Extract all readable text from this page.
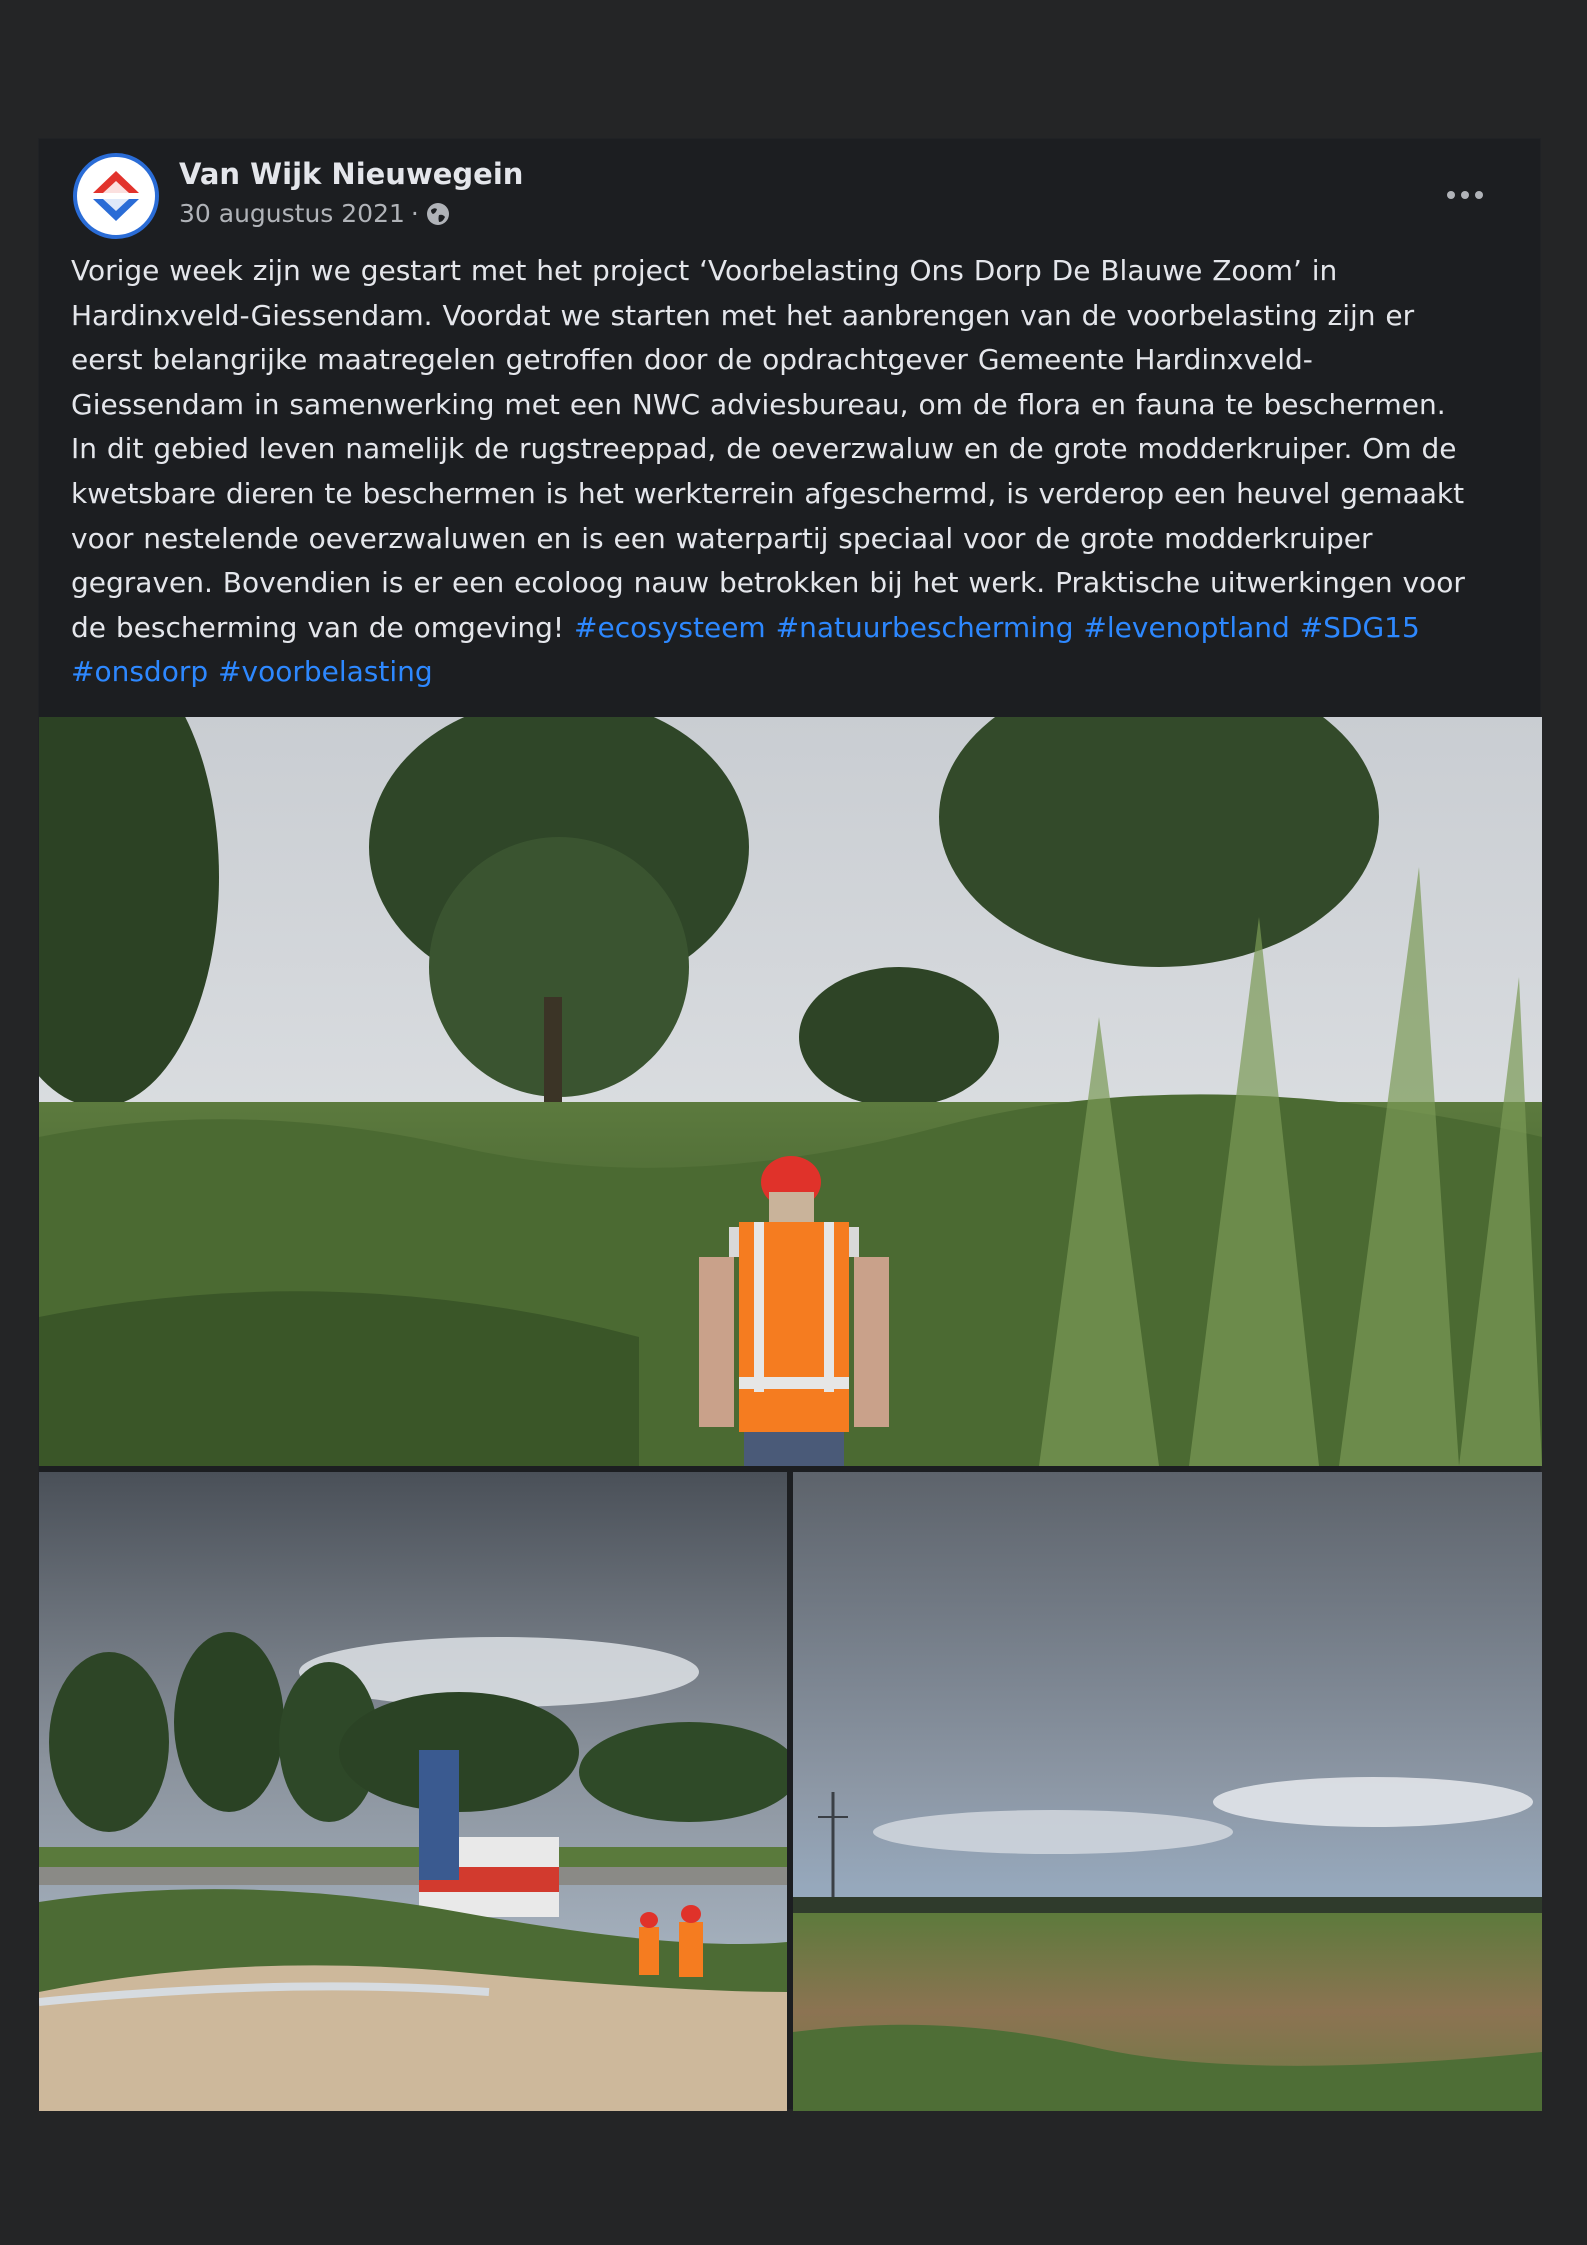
Van Wijk Nieuwegein
30 augustus 2021 ·
Vorige week zijn we gestart met het project ‘Voorbelasting Ons Dorp De Blauwe Zoom’ in
Hardinxveld-Giessendam. Voordat we starten met het aanbrengen van de voorbelasting zijn er
eerst belangrijke maatregelen getroffen door de opdrachtgever Gemeente Hardinxveld-
Giessendam in samenwerking met een NWC adviesbureau, om de flora en fauna te beschermen.
In dit gebied leven namelijk de rugstreeppad, de oeverzwaluw en de grote modderkruiper. Om de
kwetsbare dieren te beschermen is het werkterrein afgeschermd, is verderop een heuvel gemaakt
voor nestelende oeverzwaluwen en is een waterpartij speciaal voor de grote modderkruiper
gegraven. Bovendien is er een ecoloog nauw betrokken bij het werk. Praktische uitwerkingen voor
de bescherming van de omgeving! #ecosysteem #natuurbescherming #levenoptland #SDG15
#onsdorp #voorbelasting
